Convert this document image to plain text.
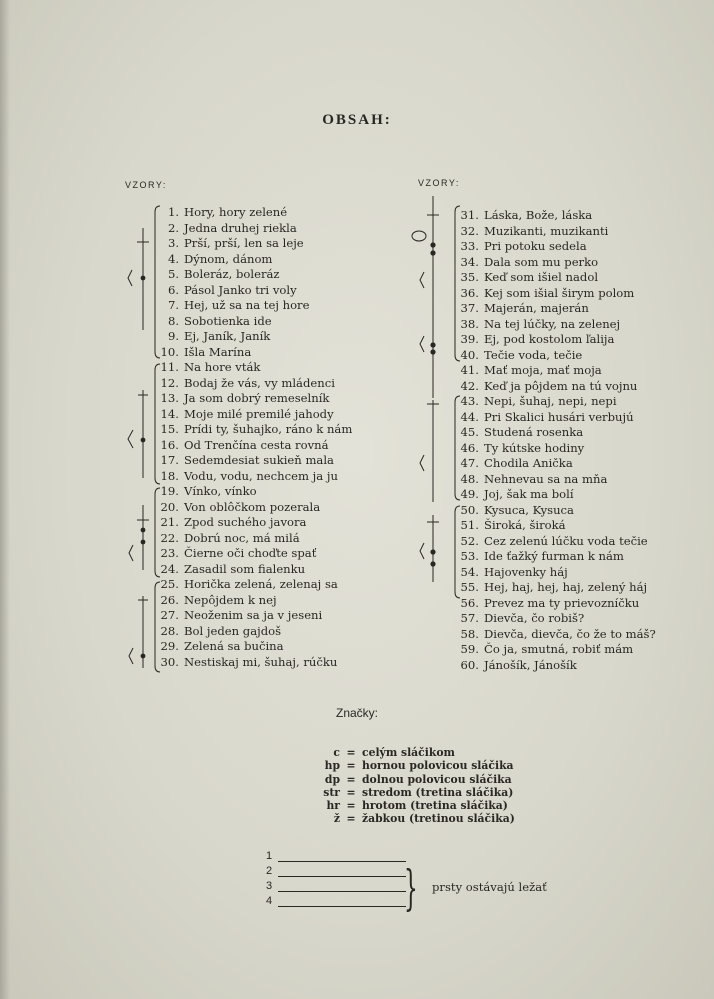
OBSAH:
VZORY:	VZORY:
1. Hory, hory zelené
2. Jedna druhej riekla
3. Prší, prší, len sa leje
4. Dýnom, dánom
5. Boleráz, boleráz
6. Pásol Janko tri voly
7. Hej, už sa na tej hore
8. Sobotienka ide
9. Ej, Janík, Janík
10. Išla Marína
11. Na hore vták
12. Bodaj že vás, vy mládenci
13. Ja som dobrý remeselník
14. Moje milé premilé jahody
15. Prídi ty, šuhajko, ráno k nám
16. Od Trenčína cesta rovná
17. Sedemdesiat sukieň mala
18. Vodu, vodu, nechcem ja ju
19. Vínko, vínko
20. Von oblôčkom pozerala
21. Zpod suchého javora
22. Dobrú noc, má milá
23. Čierne oči choďte spať
24. Zasadil som fialenku
25. Horička zelená, zelenaj sa
26. Nepôjdem k nej
27. Neoženim sa ja v jeseni
28. Bol jeden gajdoš
29. Zelená sa bučina
30. Nestiskaj mi, šuhaj, rúčku
31. Láska, Bože, láska
32. Muzikanti, muzikanti
33. Pri potoku sedela
34. Dala som mu perko
35. Keď som išiel nadol
36. Kej som išial širym polom
37. Majerán, majerán
38. Na tej lúčky, na zelenej
39. Ej, pod kostolom ľalija
40. Tečie voda, tečie
41. Mať moja, mať moja
42. Keď ja pôjdem na tú vojnu
43. Nepi, šuhaj, nepi, nepi
44. Pri Skalici husári verbujú
45. Studená rosenka
46. Ty kútske hodiny
47. Chodila Anička
48. Nehnevau sa na mňa
49. Joj, šak ma bolí
50. Kysuca, Kysuca
51. Široká, široká
52. Cez zelenú lúčku voda tečie
53. Ide ťažký furman k nám
54. Hajovenky háj
55. Hej, haj, hej, haj, zelený háj
56. Prevez ma ty prievozníčku
57. Dievča, čo robiš?
58. Dievča, dievča, čo že to máš?
59. Čo ja, smutná, robiť mám
60. Jánošík, Jánošík
Značky:
c = celým sláčikom
hp = hornou polovicou sláčika
dp = dolnou polovicou sláčika
str = stredom (tretina sláčika)
hr = hrotom (tretina sláčika)
ž = žabkou (tretinou sláčika)
1
2
3
4	} prsty ostávajú ležať
